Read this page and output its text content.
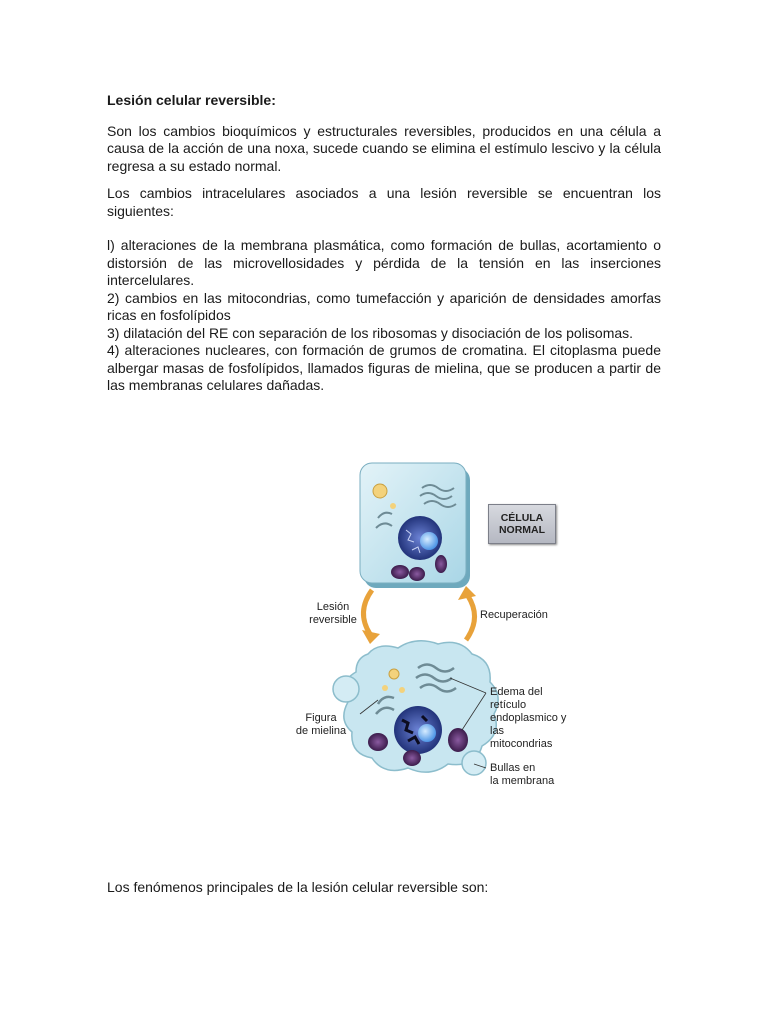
Lesión celular reversible:

Son los cambios bioquímicos y estructurales reversibles, producidos en una célula a causa de la acción de una noxa, sucede cuando se elimina el estímulo lescivo y la célula regresa a su estado normal.

Los cambios intracelulares asociados a una lesión reversible se encuentran los siguientes:

l) alteraciones de la membrana plasmática, como formación de bullas, acortamiento o distorsión de las microvellosidades y pérdida de la tensión en las inserciones intercelulares.

2) cambios en las mitocondrias, como tumefacción y aparición de densidades amorfas ricas en fosfolípidos

3) dilatación del RE con separación de los ribosomas y disociación de los polisomas.

4) alteraciones nucleares, con formación de grumos de cromatina. El citoplasma puede albergar masas de fosfolípidos, llamados figuras de mielina, que se producen a partir de las membranas celulares dañadas.

CÉLULA
NORMAL
Lesión
reversible	Recuperación
Edema del retículo
endoplasmico y las
mitocondrias
Figura
de mielina
Bullas en
la membrana

Los fenómenos principales de la lesión celular reversible son:
